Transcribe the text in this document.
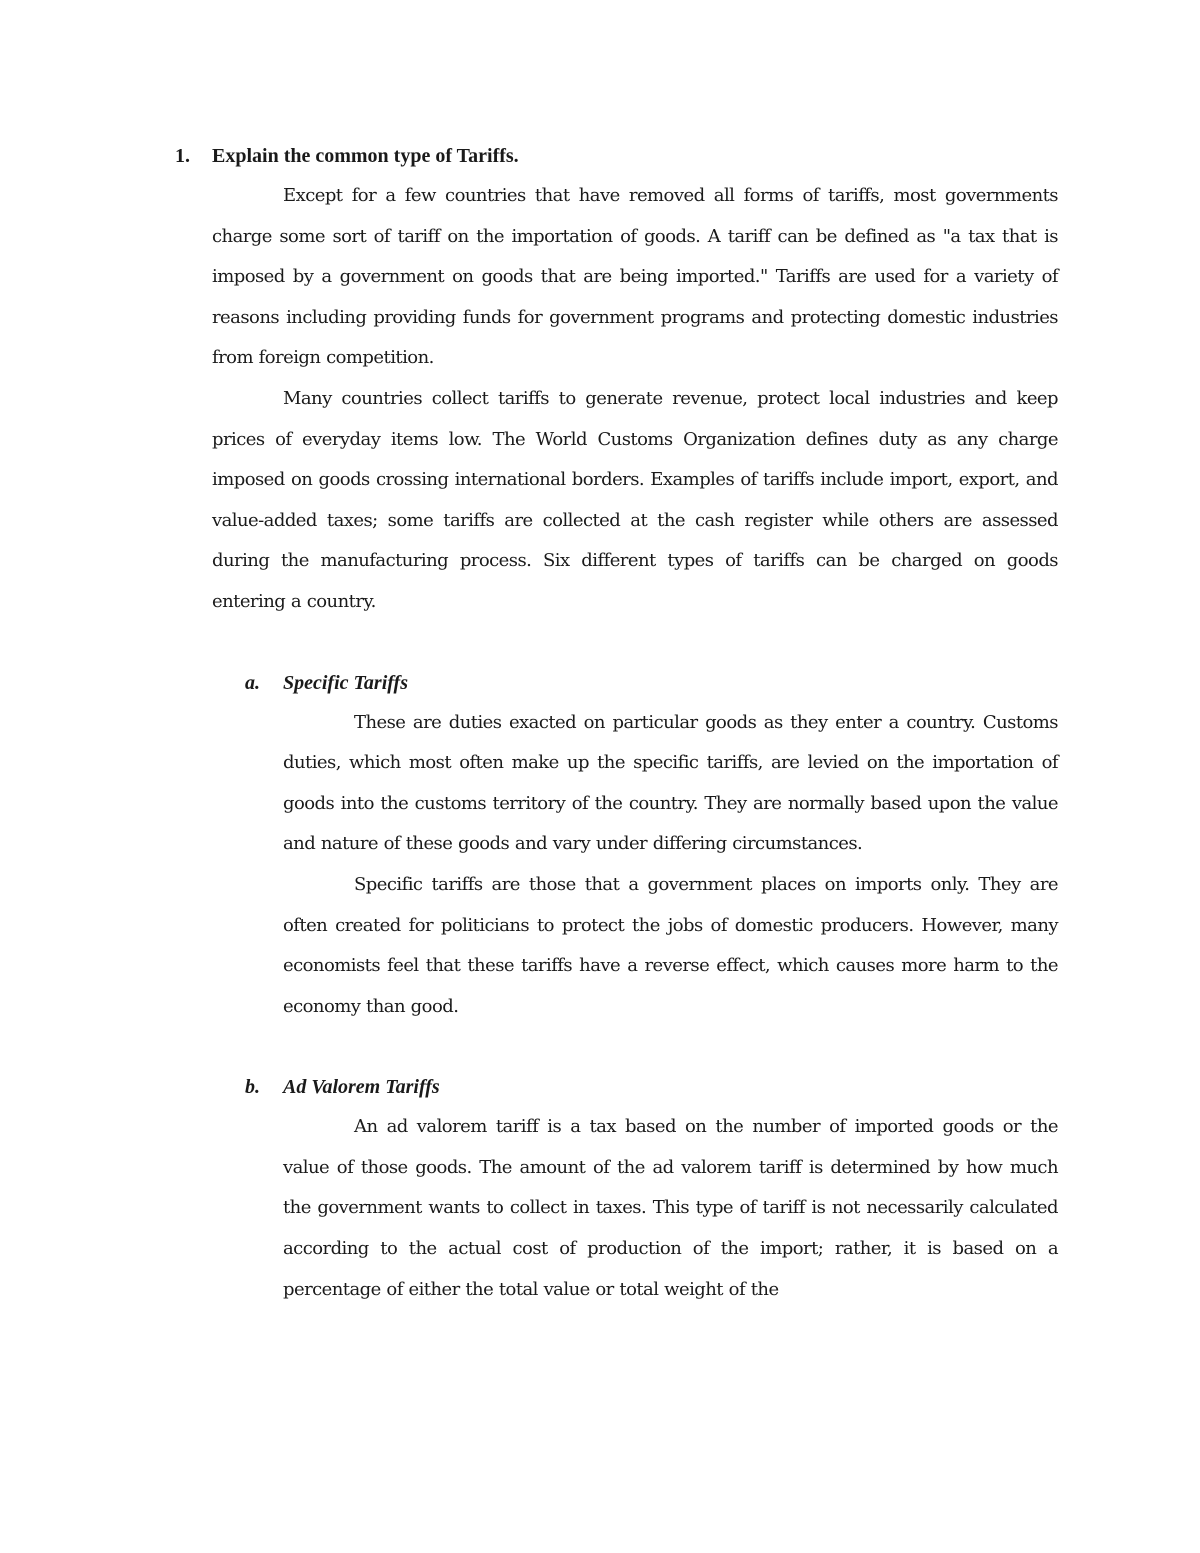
1.	Explain the common type of Tariffs.

Except for a few countries that have removed all forms of tariffs, most governments charge some sort of tariff on the importation of goods. A tariff can be defined as "a tax that is imposed by a government on goods that are being imported." Tariffs are used for a variety of reasons including providing funds for government programs and protecting domestic industries from foreign competition.

Many countries collect tariffs to generate revenue, protect local industries and keep prices of everyday items low. The World Customs Organization defines duty as any charge imposed on goods crossing international borders. Examples of tariffs include import, export, and value-added taxes; some tariffs are collected at the cash register while others are assessed during the manufacturing process. Six different types of tariffs can be charged on goods entering a country.

a.	Specific Tariffs

These are duties exacted on particular goods as they enter a country. Customs duties, which most often make up the specific tariffs, are levied on the importation of goods into the customs territory of the country. They are normally based upon the value and nature of these goods and vary under differing circumstances.

Specific tariffs are those that a government places on imports only. They are often created for politicians to protect the jobs of domestic producers. However, many economists feel that these tariffs have a reverse effect, which causes more harm to the economy than good.

b.	Ad Valorem Tariffs

An ad valorem tariff is a tax based on the number of imported goods or the value of those goods. The amount of the ad valorem tariff is determined by how much the government wants to collect in taxes. This type of tariff is not necessarily calculated according to the actual cost of production of the import; rather, it is based on a percentage of either the total value or total weight of the
